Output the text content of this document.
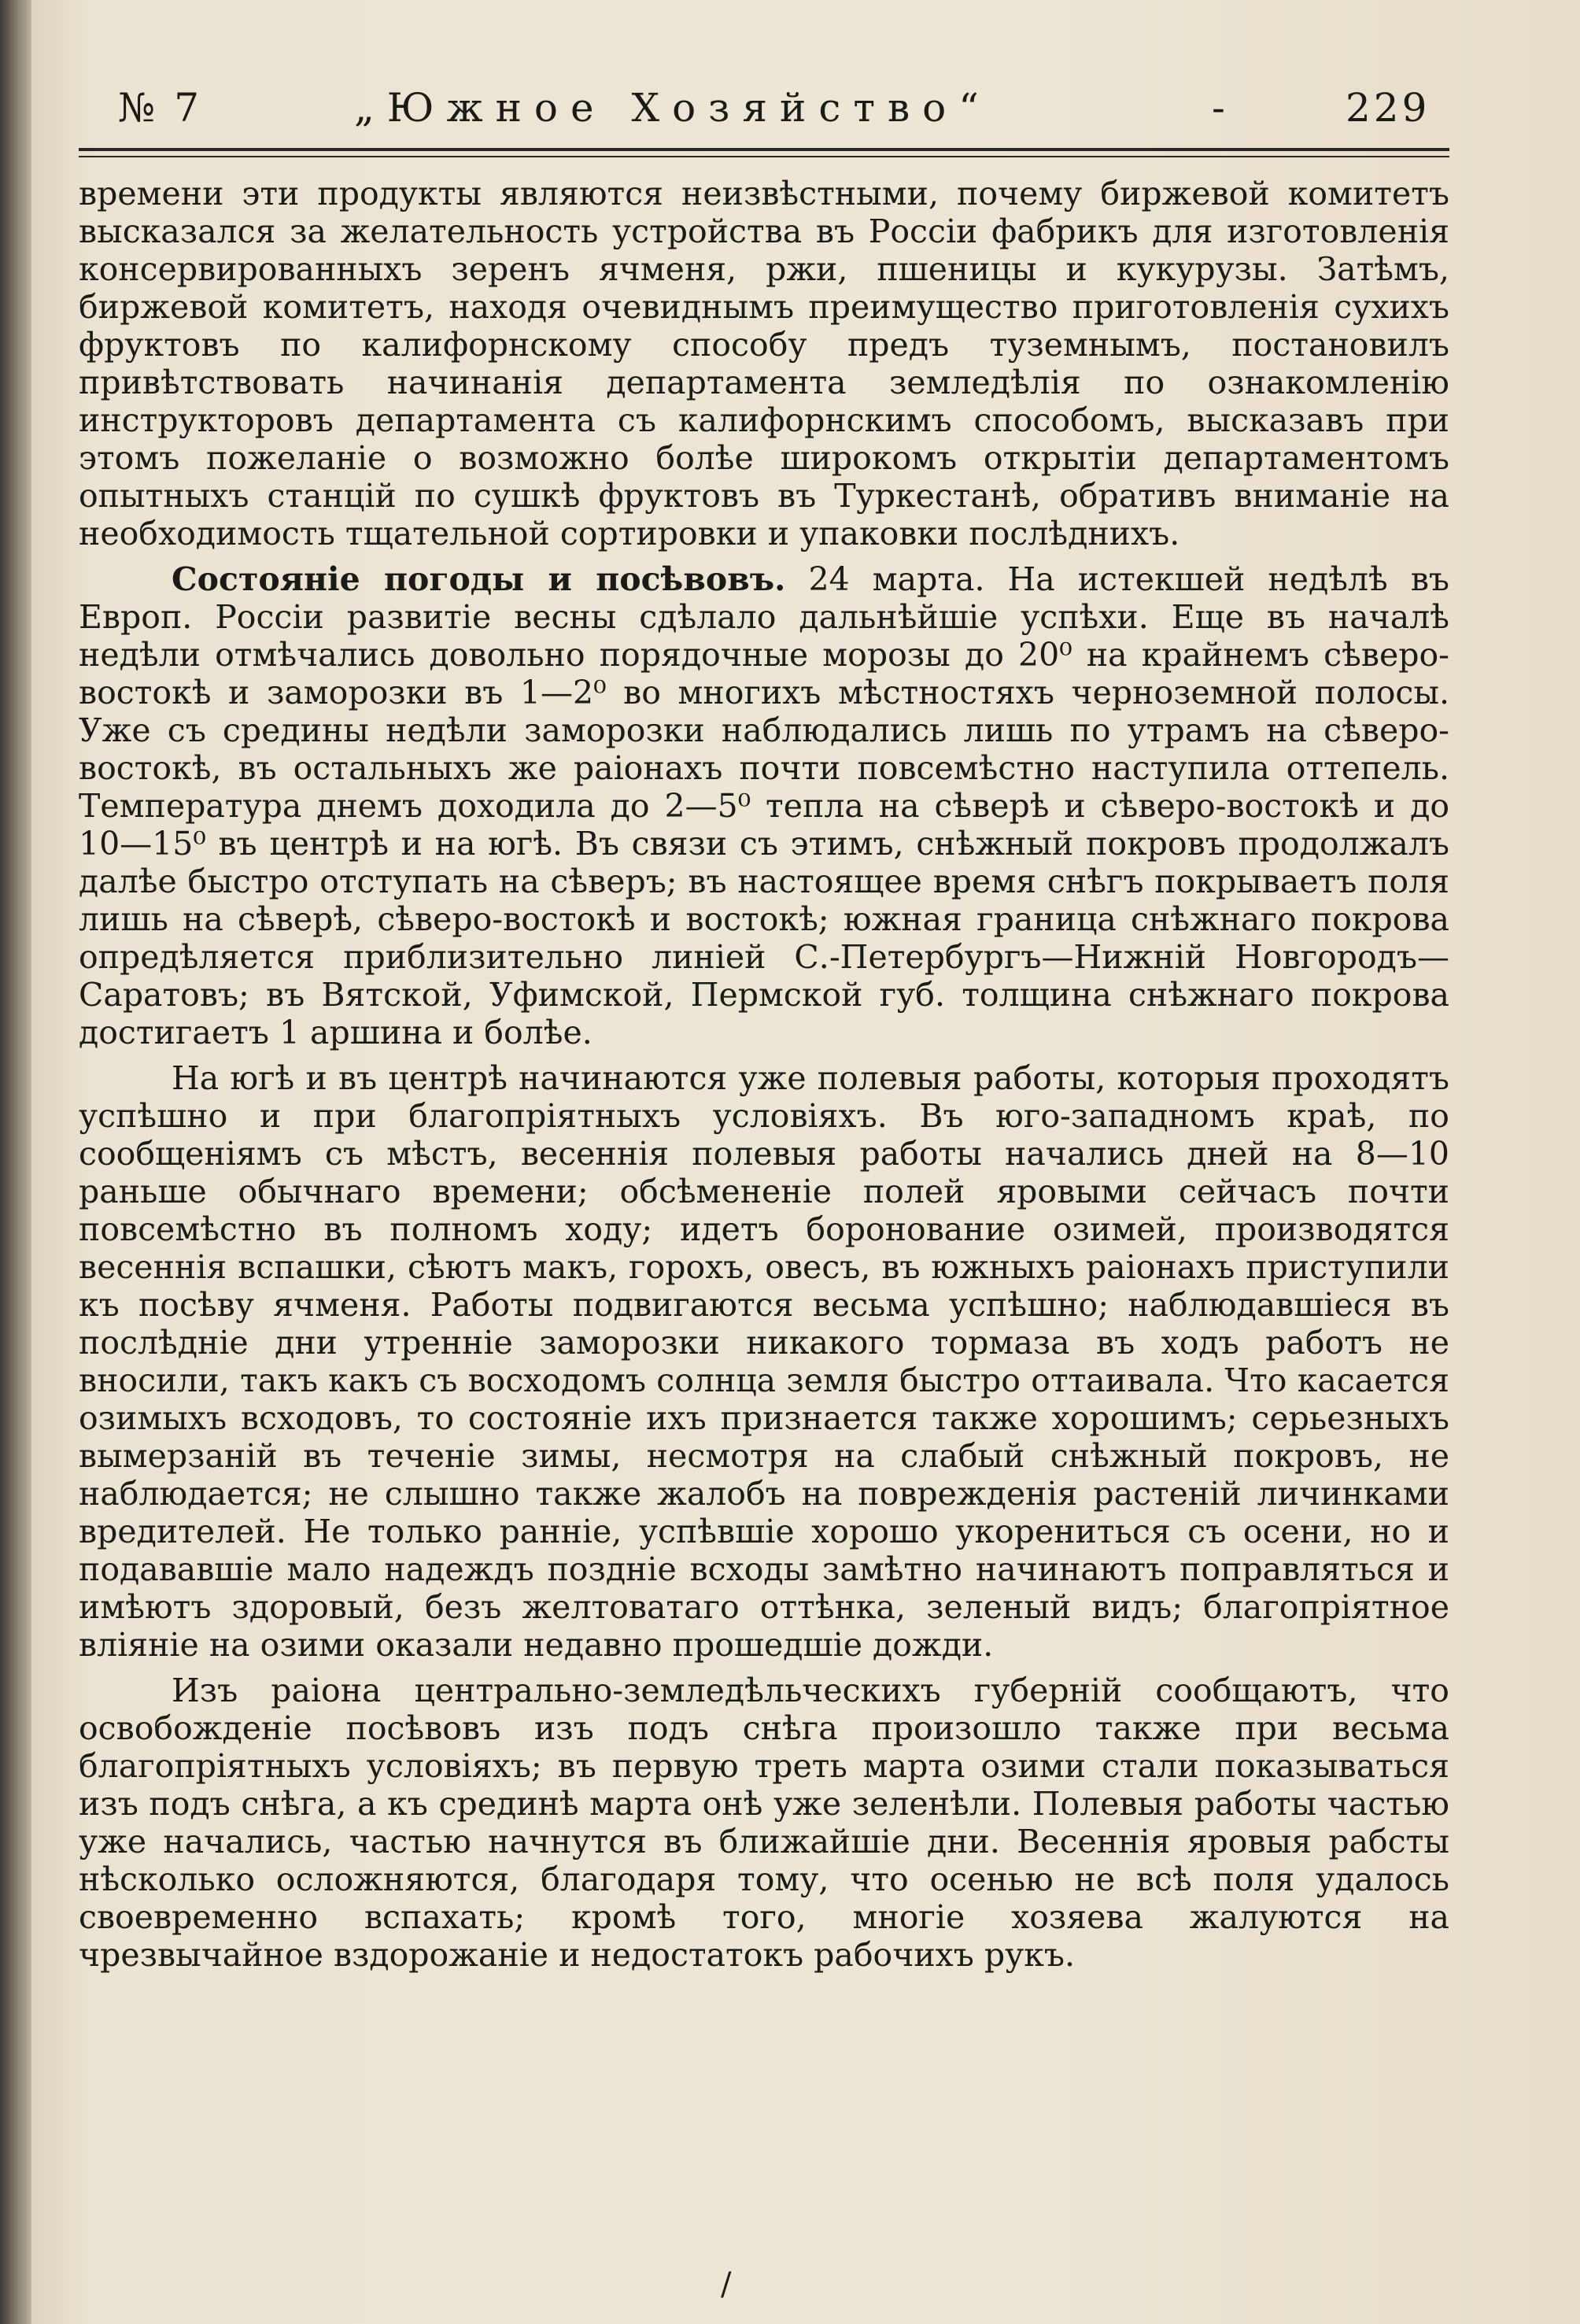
№ 7	„Южное Хозяйство“	-	229

времени эти продукты являются неизвѣстными, почему биржевой комитетъ высказался за желательность устройства въ Россіи фабрикъ для изготовленія консервированныхъ зеренъ ячменя, ржи, пшеницы и кукурузы. Затѣмъ, биржевой комитетъ, находя очевиднымъ преимущество приготовленія сухихъ фруктовъ по калифорнскому способу предъ туземнымъ, постановилъ привѣтствовать начинанія департамента земледѣлія по ознакомленію инструкторовъ департамента съ калифорнскимъ способомъ, высказавъ при этомъ пожеланіе о возможно болѣе широкомъ открытіи департаментомъ опытныхъ станцій по сушкѣ фруктовъ въ Туркестанѣ, обративъ вниманіе на необходимость тщательной сортировки и упаковки послѣднихъ.

Состояніе погоды и посѣвовъ. 24 марта. На истекшей недѣлѣ въ Европ. Россіи развитіе весны сдѣлало дальнѣйшіе успѣхи. Еще въ началѣ недѣли отмѣчались довольно порядочные морозы до 20⁰ на крайнемъ сѣверо-востокѣ и заморозки въ 1—2⁰ во многихъ мѣстностяхъ черноземной полосы. Уже съ средины недѣли заморозки наблюдались лишь по утрамъ на сѣверо-востокѣ, въ остальныхъ же раіонахъ почти повсемѣстно наступила оттепель. Температура днемъ доходила до 2—5⁰ тепла на сѣверѣ и сѣверо-востокѣ и до 10—15⁰ въ центрѣ и на югѣ. Въ связи съ этимъ, снѣжный покровъ продолжалъ далѣе быстро отступать на сѣверъ; въ настоящее время снѣгъ покрываетъ поля лишь на сѣверѣ, сѣверо-востокѣ и востокѣ; южная граница снѣжнаго покрова опредѣляется приблизительно линіей С.-Петербургъ—Нижній Новгородъ—Саратовъ; въ Вятской, Уфимской, Пермской губ. толщина снѣжнаго покрова достигаетъ 1 аршина и болѣе.

На югѣ и въ центрѣ начинаются уже полевыя работы, которыя проходятъ успѣшно и при благопріятныхъ условіяхъ. Въ юго-западномъ краѣ, по сообщеніямъ съ мѣстъ, весеннія полевыя работы начались дней на 8—10 раньше обычнаго времени; обсѣмененіе полей яровыми сейчасъ почти повсемѣстно въ полномъ ходу; идетъ боронование озимей, производятся весеннія вспашки, сѣютъ макъ, горохъ, овесъ, въ южныхъ раіонахъ приступили къ посѣву ячменя. Работы подвигаются весьма успѣшно; наблюдавшіеся въ послѣдніе дни утренніе заморозки никакого тормаза въ ходъ работъ не вносили, такъ какъ съ восходомъ солнца земля быстро оттаивала. Что касается озимыхъ всходовъ, то состояніе ихъ признается также хорошимъ; серьезныхъ вымерзаній въ теченіе зимы, несмотря на слабый снѣжный покровъ, не наблюдается; не слышно также жалобъ на поврежденія растеній личинками вредителей. Не только ранніе, успѣвшіе хорошо укорениться съ осени, но и подававшіе мало надеждъ поздніе всходы замѣтно начинаютъ поправляться и имѣютъ здоровый, безъ желтоватаго оттѣнка, зеленый видъ; благопріятное вліяніе на озими оказали недавно прошедшіе дожди.

Изъ раіона центрально-земледѣльческихъ губерній сообщаютъ, что освобожденіе посѣвовъ изъ подъ снѣга произошло также при весьма благопріятныхъ условіяхъ; въ первую треть марта озими стали показываться изъ подъ снѣга, а къ срединѣ марта онѣ уже зеленѣли. Полевыя работы частью уже начались, частью начнутся въ ближайшіе дни. Весеннія яровыя рабсты нѣсколько осложняются, благодаря тому, что осенью не всѣ поля удалось своевременно вспахать; кромѣ того, многіе хозяева жалуются на чрезвычайное вздорожаніе и недостатокъ рабочихъ рукъ.

/
